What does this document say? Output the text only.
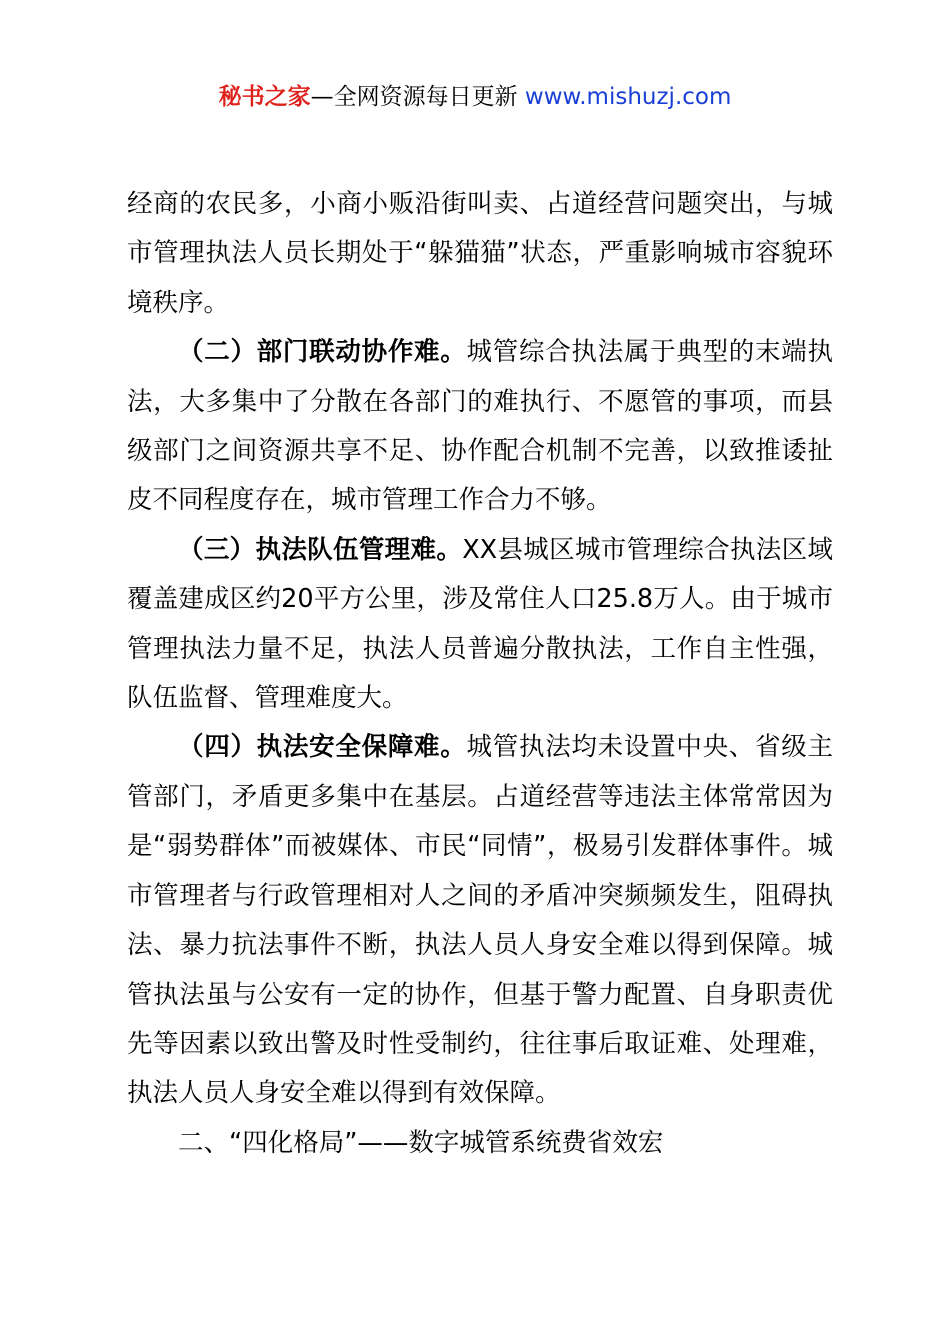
秘书之家—全网资源每日更新 www.mishuzj.com

经商的农民多，小商小贩沿街叫卖、占道经营问题突出，与城市管理执法人员长期处于“躲猫猫”状态，严重影响城市容貌环境秩序。

（二）部门联动协作难。城管综合执法属于典型的末端执法，大多集中了分散在各部门的难执行、不愿管的事项，而县级部门之间资源共享不足、协作配合机制不完善，以致推诿扯皮不同程度存在，城市管理工作合力不够。

（三）执法队伍管理难。XX县城区城市管理综合执法区域覆盖建成区约20平方公里，涉及常住人口25.8万人。由于城市管理执法力量不足，执法人员普遍分散执法，工作自主性强，队伍监督、管理难度大。

（四）执法安全保障难。城管执法均未设置中央、省级主管部门，矛盾更多集中在基层。占道经营等违法主体常常因为是“弱势群体”而被媒体、市民“同情”，极易引发群体事件。城市管理者与行政管理相对人之间的矛盾冲突频频发生，阻碍执法、暴力抗法事件不断，执法人员人身安全难以得到保障。城管执法虽与公安有一定的协作，但基于警力配置、自身职责优先等因素以致出警及时性受制约，往往事后取证难、处理难，执法人员人身安全难以得到有效保障。

二、“四化格局”——数字城管系统费省效宏
